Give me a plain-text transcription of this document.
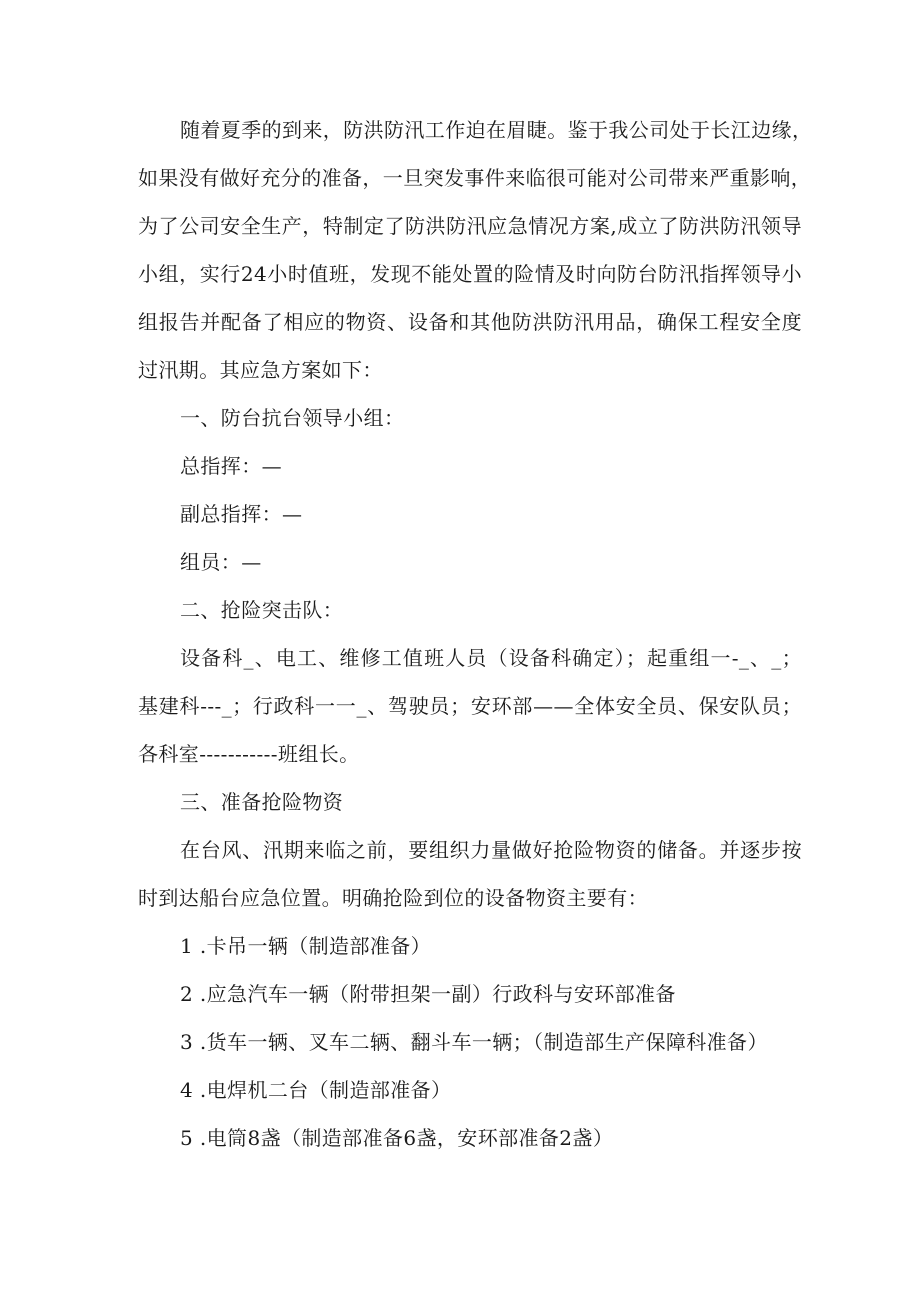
随着夏季的到来，防洪防汛工作迫在眉睫。鉴于我公司处于长江边缘，
如果没有做好充分的准备，一旦突发事件来临很可能对公司带来严重影响，
为了公司安全生产，特制定了防洪防汛应急情况方案,成立了防洪防汛领导
小组，实行24小时值班，发现不能处置的险情及时向防台防汛指挥领导小
组报告并配备了相应的物资、设备和其他防洪防汛用品，确保工程安全度
过汛期。其应急方案如下：
一、防台抗台领导小组：
总指挥：—
副总指挥：—
组员：—
二、抢险突击队：
设备科_、电工、维修工值班人员（设备科确定）；起重组一-_、_；
基建科---_；行政科一一_、驾驶员；安环部——全体安全员、保安队员；
各科室-----------班组长。
三、准备抢险物资
在台风、汛期来临之前，要组织力量做好抢险物资的储备。并逐步按
时到达船台应急位置。明确抢险到位的设备物资主要有：
1 .卡吊一辆（制造部准备）
2 .应急汽车一辆（附带担架一副）行政科与安环部准备
3 .货车一辆、叉车二辆、翻斗车一辆；（制造部生产保障科准备）
4 .电焊机二台（制造部准备）
5 .电筒8盏（制造部准备6盏，安环部准备2盏）
